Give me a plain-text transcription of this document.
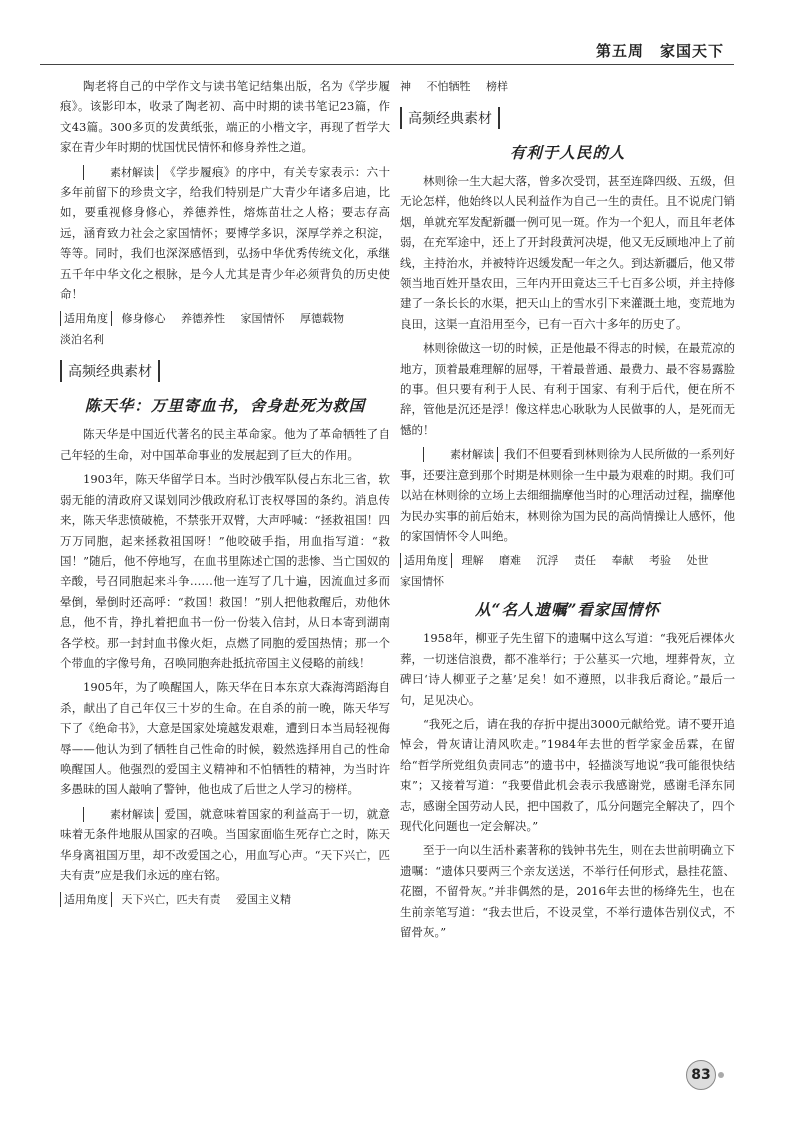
第五周　家国天下

陶老将自己的中学作文与读书笔记结集出版，名为《学步履痕》。该影印本，收录了陶老初、高中时期的读书笔记23篇，作文43篇。300多页的发黄纸张，端正的小楷文字，再现了哲学大家在青少年时期的忧国忧民情怀和修身养性之道。

素材解读 《学步履痕》的序中，有关专家表示：六十多年前留下的珍贵文字，给我们特别是广大青少年诸多启迪，比如，要重视修身修心，养德养性，熔炼苗壮之人格；要志存高远，涵育致力社会之家国情怀；要博学多识，深厚学养之积淀，等等。同时，我们也深深感悟到，弘扬中华优秀传统文化，承继五千年中华文化之根脉，是今人尤其是青少年必须背负的历史使命！

适用角度 修身修心 养德养性 家国情怀 厚德载物 淡泊名利
高频经典素材
陈天华：万里寄血书，舍身赴死为救国

陈天华是中国近代著名的民主革命家。他为了革命牺牲了自己年轻的生命，对中国革命事业的发展起到了巨大的作用。

1903年，陈天华留学日本。当时沙俄军队侵占东北三省，软弱无能的清政府又谋划同沙俄政府私订丧权辱国的条约。消息传来，陈天华悲愤破桅，不禁张开双臂，大声呼喊：“拯救祖国！四万万同胞，起来拯救祖国呀！”他咬破手指，用血指写道：“救国！”随后，他不停地写，在血书里陈述亡国的悲惨、当亡国奴的辛酸，号召同胞起来斗争……他一连写了几十遍，因流血过多而晕倒，晕倒时还高呼：“救国！救国！”别人把他救醒后，劝他休息，他不肯，挣扎着把血书一份一份装入信封，从日本寄到湖南各学校。那一封封血书像火炬，点燃了同胞的爱国热情；那一个个带血的字像号角，召唤同胞奔赴抵抗帝国主义侵略的前线！

1905年，为了唤醒国人，陈天华在日本东京大森海湾蹈海自杀，献出了自己年仅三十岁的生命。在自杀的前一晚，陈天华写下了《绝命书》，大意是国家处境越发艰难，遭到日本当局轻视侮辱——他认为到了牺牲自己性命的时候，毅然选择用自己的性命唤醒国人。他强烈的爱国主义精神和不怕牺牲的精神，为当时许多愚昧的国人敲响了警钟，他也成了后世之人学习的榜样。

素材解读 爱国，就意味着国家的利益高于一切，就意味着无条件地服从国家的召唤。当国家面临生死存亡之时，陈天华身离祖国万里，却不改爱国之心，用血写心声。“天下兴亡，匹夫有责”应是我们永远的座右铭。

适用角度 天下兴亡，匹夫有责 爱国主义精
神 不怕牺牲 榜样
高频经典素材
有利于人民的人

林则徐一生大起大落，曾多次受罚，甚至连降四级、五级，但无论怎样，他始终以人民利益作为自己一生的责任。且不说虎门销烟，单就充军发配新疆一例可见一斑。作为一个犯人，而且年老体弱，在充军途中，还上了开封段黄河决堤，他又无反顾地冲上了前线，主持治水，并被特许迟缓发配一年之久。到达新疆后，他又带领当地百姓开垦农田，三年内开田竟达三千七百多公顷，并主持修建了一条长长的水渠，把天山上的雪水引下来灌溉土地，变荒地为良田，这渠一直沿用至今，已有一百六十多年的历史了。

林则徐做这一切的时候，正是他最不得志的时候，在最荒凉的地方，顶着最难理解的屈辱，干着最普通、最费力、最不容易露脸的事。但只要有利于人民、有利于国家、有利于后代，便在所不辞，管他是沉还是浮！像这样忠心耿耿为人民做事的人，是死而无憾的！

素材解读 我们不但要看到林则徐为人民所做的一系列好事，还要注意到那个时期是林则徐一生中最为艰难的时期。我们可以站在林则徐的立场上去细细揣摩他当时的心理活动过程，揣摩他为民办实事的前后始末，林则徐为国为民的高尚情操让人感怀，他的家国情怀令人叫绝。

适用角度 理解 磨难 沉浮 责任 奉献 考验 处世 家国情怀
从“名人遗嘱”看家国情怀

1958年，柳亚子先生留下的遗嘱中这么写道：“我死后裸体火葬，一切迷信浪费，都不准举行；于公墓买一穴地，埋葬骨灰，立碑曰‘诗人柳亚子之墓’足矣！如不遵照，以非我后裔论。”最后一句，足见决心。

“我死之后，请在我的存折中提出3000元献给党。请不要开追悼会，骨灰请让清风吹走。”1984年去世的哲学家金岳霖，在留给“哲学所党组负责同志”的遗书中，轻描淡写地说“我可能很快结束”；又接着写道：“我要借此机会表示我感谢党，感谢毛泽东同志，感谢全国劳动人民，把中国救了，瓜分问题完全解决了，四个现代化问题也一定会解决。”

至于一向以生活朴素著称的钱钟书先生，则在去世前明确立下遗嘱：“遗体只要两三个亲友送送，不举行任何形式，悬挂花篮、花圈，不留骨灰。”并非偶然的是，2016年去世的杨绛先生，也在生前亲笔写道：“我去世后，不设灵堂，不举行遗体告别仪式，不留骨灰。”

83
